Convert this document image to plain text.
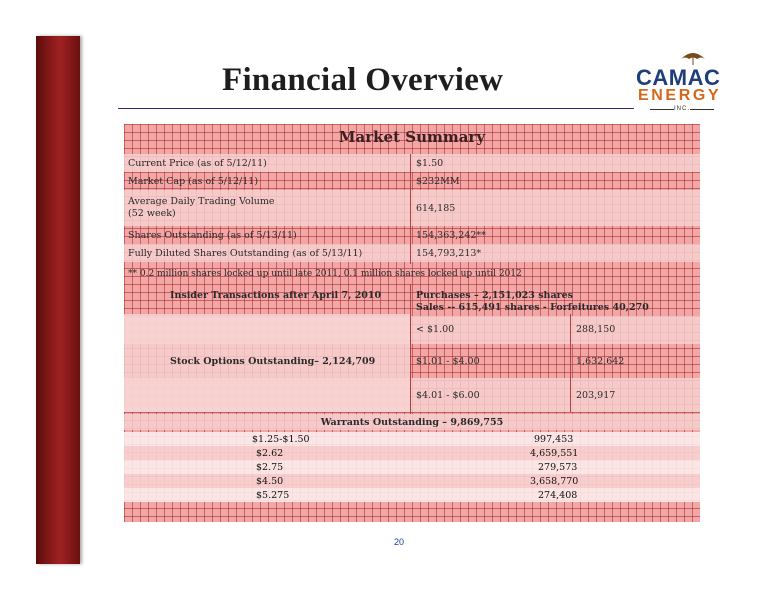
Financial Overview	CAMAC
ENERGY
INC.
Market Summary
Current Price (as of 5/12/11)	$1.50
Market Cap (as of 5/12/11)	$232MM
Average Daily Trading Volume
(52 week)	614,185
Shares Outstanding (as of 5/13/11)	154,363,242**
Fully Diluted Shares Outstanding (as of 5/13/11)	154,793,213*
** 0.2 million shares locked up until late 2011, 0.1 million shares locked up until 2012
Insider Transactions after April 7, 2010	Purchases – 2,151,023 shares
Sales -- 615,491 shares - Forfeitures 40,270
Stock Options Outstanding– 2,124,709
< $1.00	288,150
$1.01 - $4.00	1,632,642
$4.01 - $6.00	203,917
Warrants Outstanding – 9,869,755
$1.25-$1.50	997,453
$2.62	4,659,551
$2.75	279,573
$4.50	3,658,770
$5.275	274,408
20
